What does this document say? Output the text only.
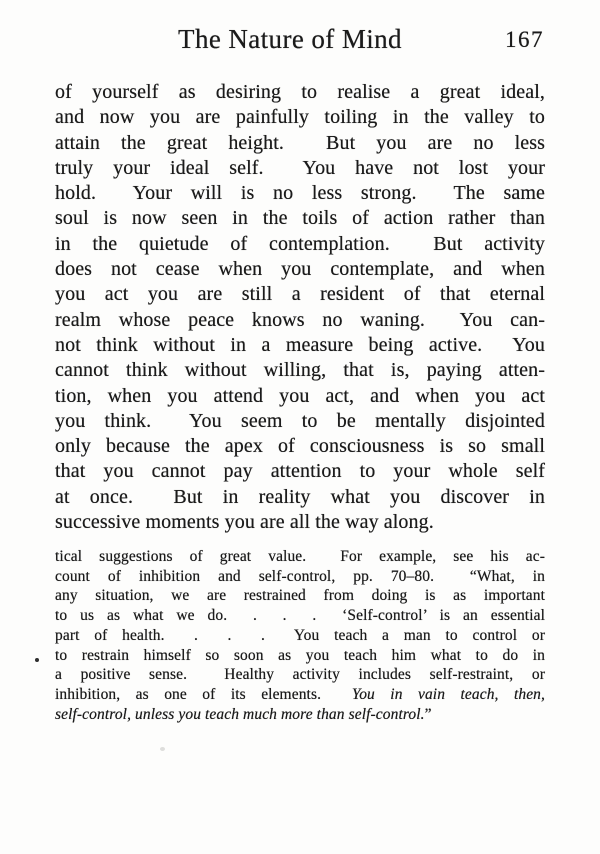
The Nature of Mind	167
of yourself as desiring to realise a great ideal,
and now you are painfully toiling in the valley to
attain the great height.  But you are no less
truly your ideal self.  You have not lost your
hold.  Your will is no less strong.  The same
soul is now seen in the toils of action rather than
in the quietude of contemplation.  But activity
does not cease when you contemplate, and when
you act you are still a resident of that eternal
realm whose peace knows no waning.  You can-
not think without in a measure being active.  You
cannot think without willing, that is, paying atten-
tion, when you attend you act, and when you act
you think.  You seem to be mentally disjointed
only because the apex of consciousness is so small
that you cannot pay attention to your whole self
at once.  But in reality what you discover in
successive moments you are all the way along.
tical suggestions of great value.  For example, see his ac-
count of inhibition and self-control, pp. 70–80.  “What, in
any situation, we are restrained from doing is as important
to us as what we do.  .  .  .  ‘Self-control’ is an essential
part of health.  .  .  .  You teach a man to control or
to restrain himself so soon as you teach him what to do in
a positive sense.  Healthy activity includes self-restraint, or
inhibition, as one of its elements.  You in vain teach, then,
self-control, unless you teach much more than self-control.”
